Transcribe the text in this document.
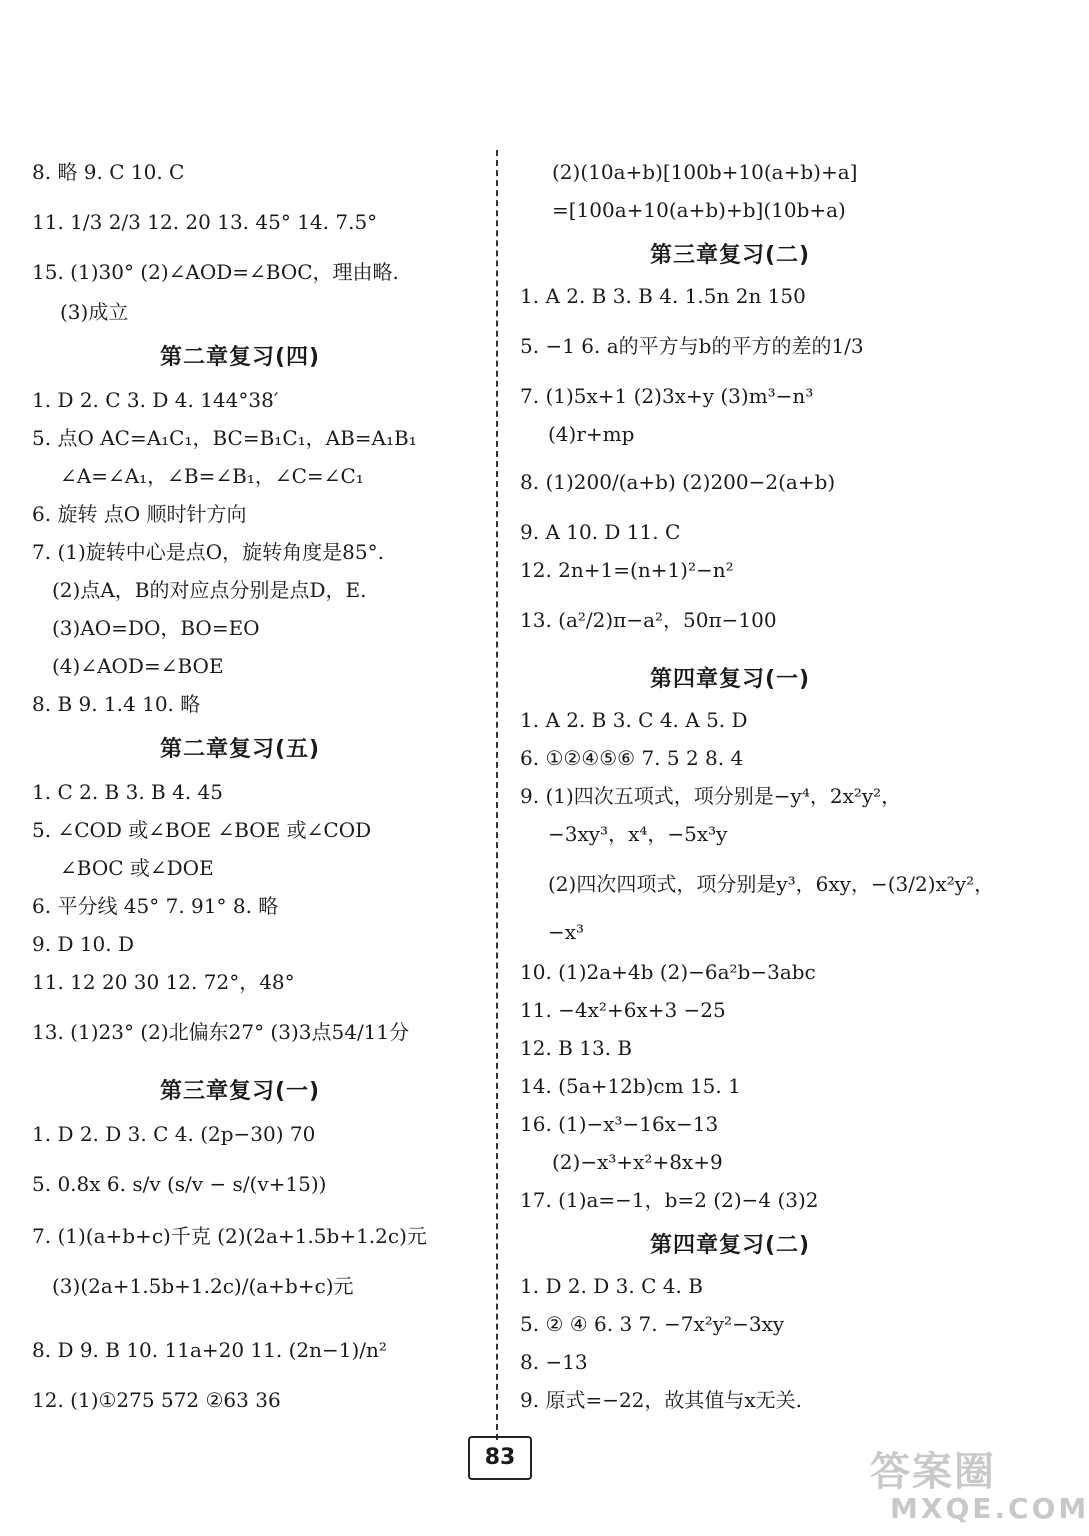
8. 略 9. C 10. C
11. 1/3 2/3 12. 20 13. 45° 14. 7.5°
15. (1)30° (2)∠AOD=∠BOC，理由略.
(3)成立
第二章复习(四)
1. D 2. C 3. D 4. 144°38′
5. 点O AC=A₁C₁，BC=B₁C₁，AB=A₁B₁
∠A=∠A₁，∠B=∠B₁，∠C=∠C₁
6. 旋转 点O 顺时针方向
7. (1)旋转中心是点O，旋转角度是85°.
(2)点A，B的对应点分别是点D，E.
(3)AO=DO，BO=EO
(4)∠AOD=∠BOE
8. B 9. 1.4 10. 略
第二章复习(五)
1. C 2. B 3. B 4. 45
5. ∠COD 或∠BOE ∠BOE 或∠COD
∠BOC 或∠DOE
6. 平分线 45° 7. 91° 8. 略
9. D 10. D
11. 12 20 30 12. 72°，48°
13. (1)23° (2)北偏东27° (3)3点54/11分
第三章复习(一)
1. D 2. D 3. C 4. (2p−30) 70
5. 0.8x 6. s/v (s/v − s/(v+15))
7. (1)(a+b+c)千克 (2)(2a+1.5b+1.2c)元
(3)(2a+1.5b+1.2c)/(a+b+c)元
8. D 9. B 10. 11a+20 11. (2n−1)/n²
12. (1)①275 572 ②63 36
(2)(10a+b)[100b+10(a+b)+a]
=[100a+10(a+b)+b](10b+a)
第三章复习(二)
1. A 2. B 3. B 4. 1.5n 2n 150
5. −1 6. a的平方与b的平方的差的1/3
7. (1)5x+1 (2)3x+y (3)m³−n³
(4)r+mp
8. (1)200/(a+b) (2)200−2(a+b)
9. A 10. D 11. C
12. 2n+1=(n+1)²−n²
13. (a²/2)π−a²，50π−100
第四章复习(一)
1. A 2. B 3. C 4. A 5. D
6. ①②④⑤⑥ 7. 5 2 8. 4
9. (1)四次五项式，项分别是−y⁴，2x²y²，
−3xy³，x⁴，−5x³y
(2)四次四项式，项分别是y³，6xy，−(3/2)x²y²，
−x³
10. (1)2a+4b (2)−6a²b−3abc
11. −4x²+6x+3 −25
12. B 13. B
14. (5a+12b)cm 15. 1
16. (1)−x³−16x−13
(2)−x³+x²+8x+9
17. (1)a=−1，b=2 (2)−4 (3)2
第四章复习(二)
1. D 2. D 3. C 4. B
5. ② ④ 6. 3 7. −7x²y²−3xy
8. −13
9. 原式=−22，故其值与x无关.
83	答案圈
MXQE.COM
